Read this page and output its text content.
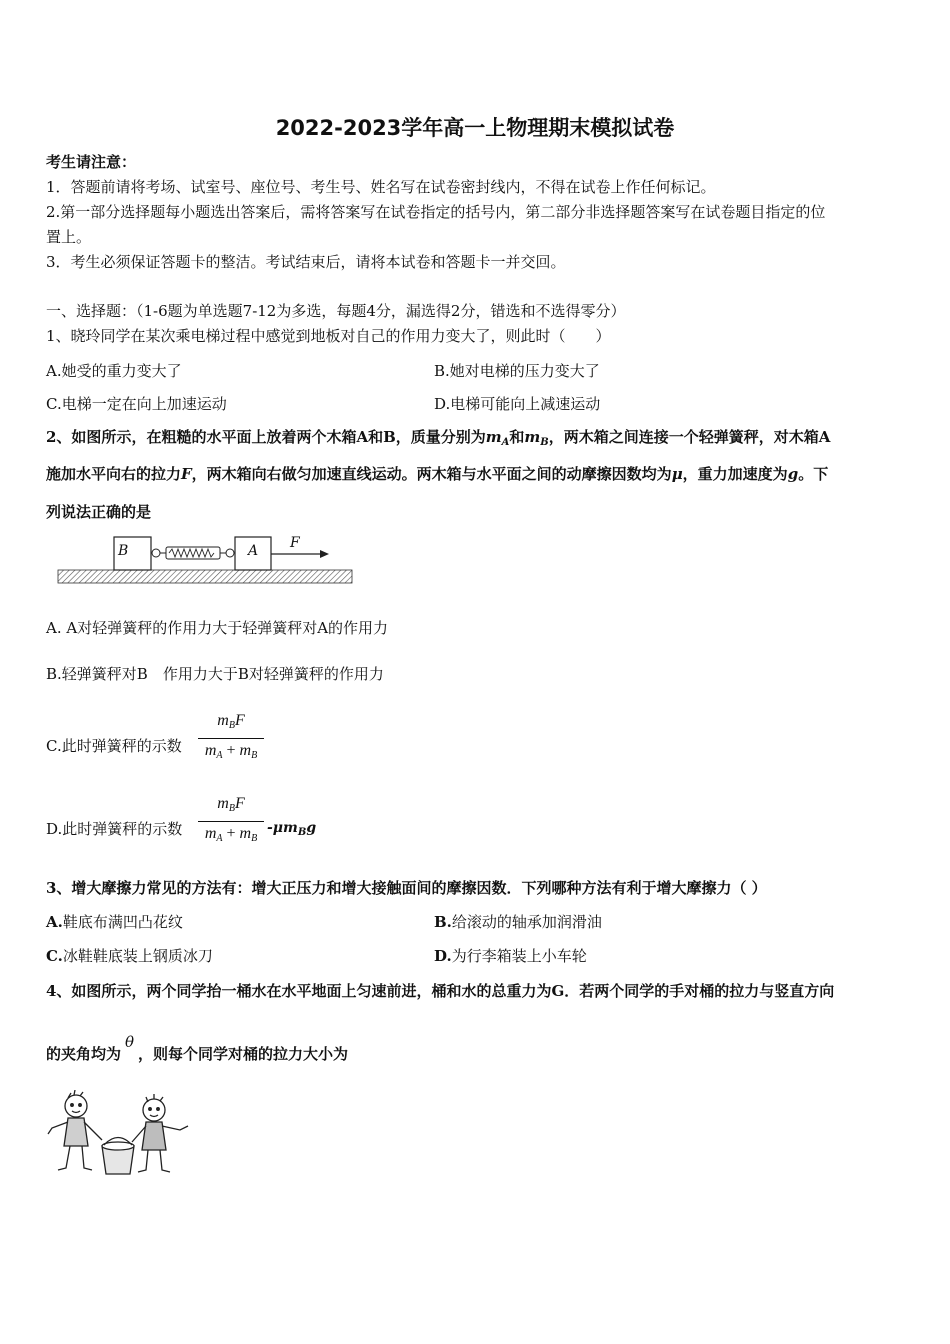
2022-2023学年高一上物理期末模拟试卷
考生请注意：
1．答题前请将考场、试室号、座位号、考生号、姓名写在试卷密封线内，不得在试卷上作任何标记。
2.第一部分选择题每小题选出答案后，需将答案写在试卷指定的括号内，第二部分非选择题答案写在试卷题目指定的位
置上。
3．考生必须保证答题卡的整洁。考试结束后，请将本试卷和答题卡一并交回。
一、选择题：（1-6题为单选题7-12为多选，每题4分，漏选得2分，错选和不选得零分）
1、晓玲同学在某次乘电梯过程中感觉到地板对自己的作用力变大了，则此时（　　）
A.她受的重力变大了	B.她对电梯的压力变大了
C.电梯一定在向上加速运动	D.电梯可能向上减速运动
2、如图所示，在粗糙的水平面上放着两个木箱A和B，质量分别为$m_A$和$m_B$，两木箱之间连接一个轻弹簧秤，对木箱A
施加水平向右的拉力F，两木箱向右做匀加速直线运动。两木箱与水平面之间的动摩擦因数均为μ，重力加速度为g。下
列说法正确的是
B	A F
A. A对轻弹簧秤的作用力大于轻弹簧秤对A的作用力
B.轻弹簧秤对B　作用力大于B对轻弹簧秤的作用力
C.此时弹簧秤的示数
$m_BF$
$m_A + m_B$
D.此时弹簧秤的示数
$m_BF$
$m_A + m_B$
$-\mu m_Bg$
3、增大摩擦力常见的方法有：增大正压力和增大接触面间的摩擦因数．下列哪种方法有利于增大摩擦力（ ）
A.鞋底布满凹凸花纹	B.给滚动的轴承加润滑油
C.冰鞋鞋底装上钢质冰刀	D.为行李箱装上小车轮
4、如图所示，两个同学抬一桶水在水平地面上匀速前进，桶和水的总重力为G．若两个同学的手对桶的拉力与竖直方向
的夹角均为θ，则每个同学对桶的拉力大小为
